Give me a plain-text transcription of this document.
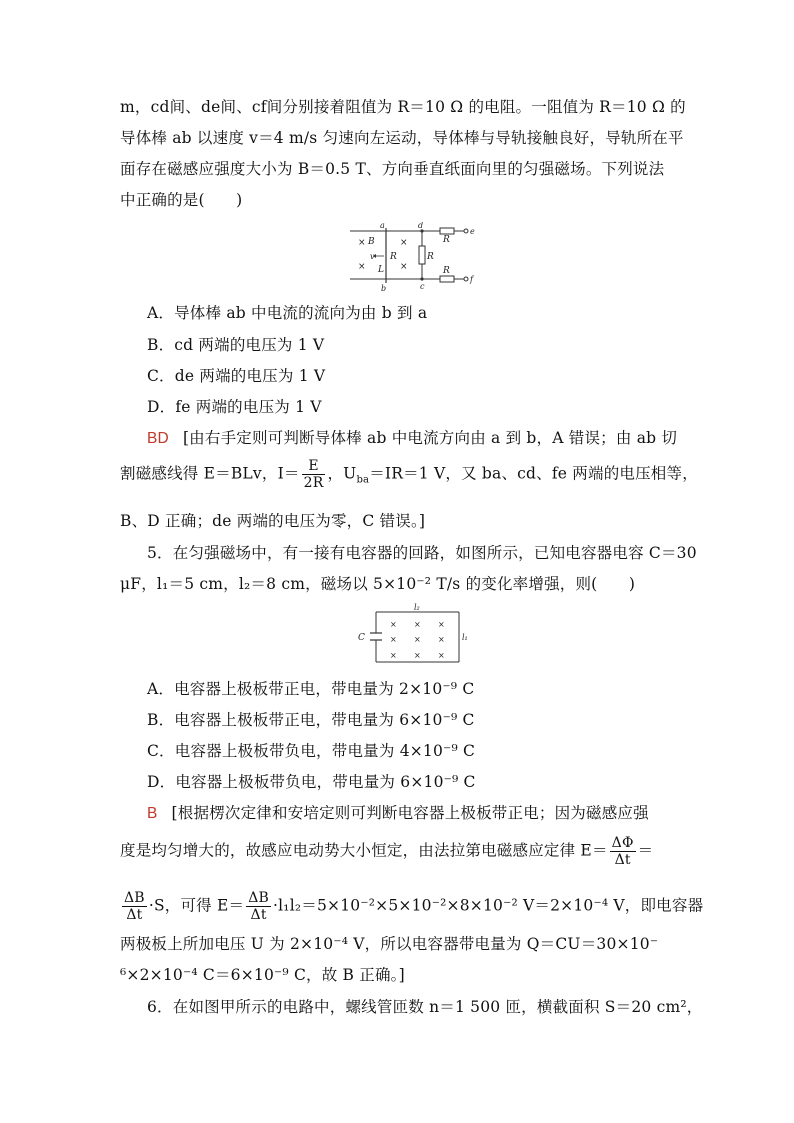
m，cd间、de间、cf间分别接着阻值为 R＝10 Ω 的电阻。一阻值为 R＝10 Ω 的
导体棒 ab 以速度 v＝4 m/s 匀速向左运动，导体棒与导轨接触良好，导轨所在平
面存在磁感应强度大小为 B＝0.5 T、方向垂直纸面向里的匀强磁场。下列说法
中正确的是(　　)
a
b
d
c
e
f
B
v R
L
R
R
R
×	×
×	×
A．导体棒 ab 中电流的流向为由 b 到 a
B．cd 两端的电压为 1 V
C．de 两端的电压为 1 V
D．fe 两端的电压为 1 V
BD [由右手定则可判断导体棒 ab 中电流方向由 a 到 b，A 错误；由 ab 切
割磁感线得 E＝BLv，$I= \frac{E}{2R}$ ，$U_{ba}=IR=1$ V，又 ba、cd、fe 两端的电压相等，
B、D 正确；de 两端的电压为零，C 错误。]
5．在匀强磁场中，有一接有电容器的回路，如图所示，已知电容器电容 C＝30
μF，l₁＝5 cm，l₂＝8 cm，磁场以 5×10⁻² T/s 的变化率增强，则(　　)
C
l₂
l₁
× × ×
× × ×
× × ×
A．电容器上极板带正电，带电量为 2×10⁻⁹ C
B．电容器上极板带正电，带电量为 6×10⁻⁹ C
C．电容器上极板带负电，带电量为 4×10⁻⁹ C
D．电容器上极板带负电，带电量为 6×10⁻⁹ C
B [根据楞次定律和安培定则可判断电容器上极板带正电；因为磁感应强
度是均匀增大的，故感应电动势大小恒定，由法拉第电磁感应定律 $E= \frac{\Delta\Phi}{\Delta t}$ ＝
$\frac{\Delta B}{\Delta t} \cdot S$，可得 $E= \frac{\Delta B}{\Delta t} \cdot l_1l_2=5\times 10^{-2}\times 5\times 10^{-2}\times 8\times 10^{-2}$ V＝2×10⁻⁴ V，即电容器
两极板上所加电压 U 为 2×10⁻⁴ V，所以电容器带电量为 Q＝CU＝30×10⁻
⁶×2×10⁻⁴ C＝6×10⁻⁹ C，故 B 正确。]
6．在如图甲所示的电路中，螺线管匝数 n＝1 500 匝，横截面积 S＝20 cm²，
